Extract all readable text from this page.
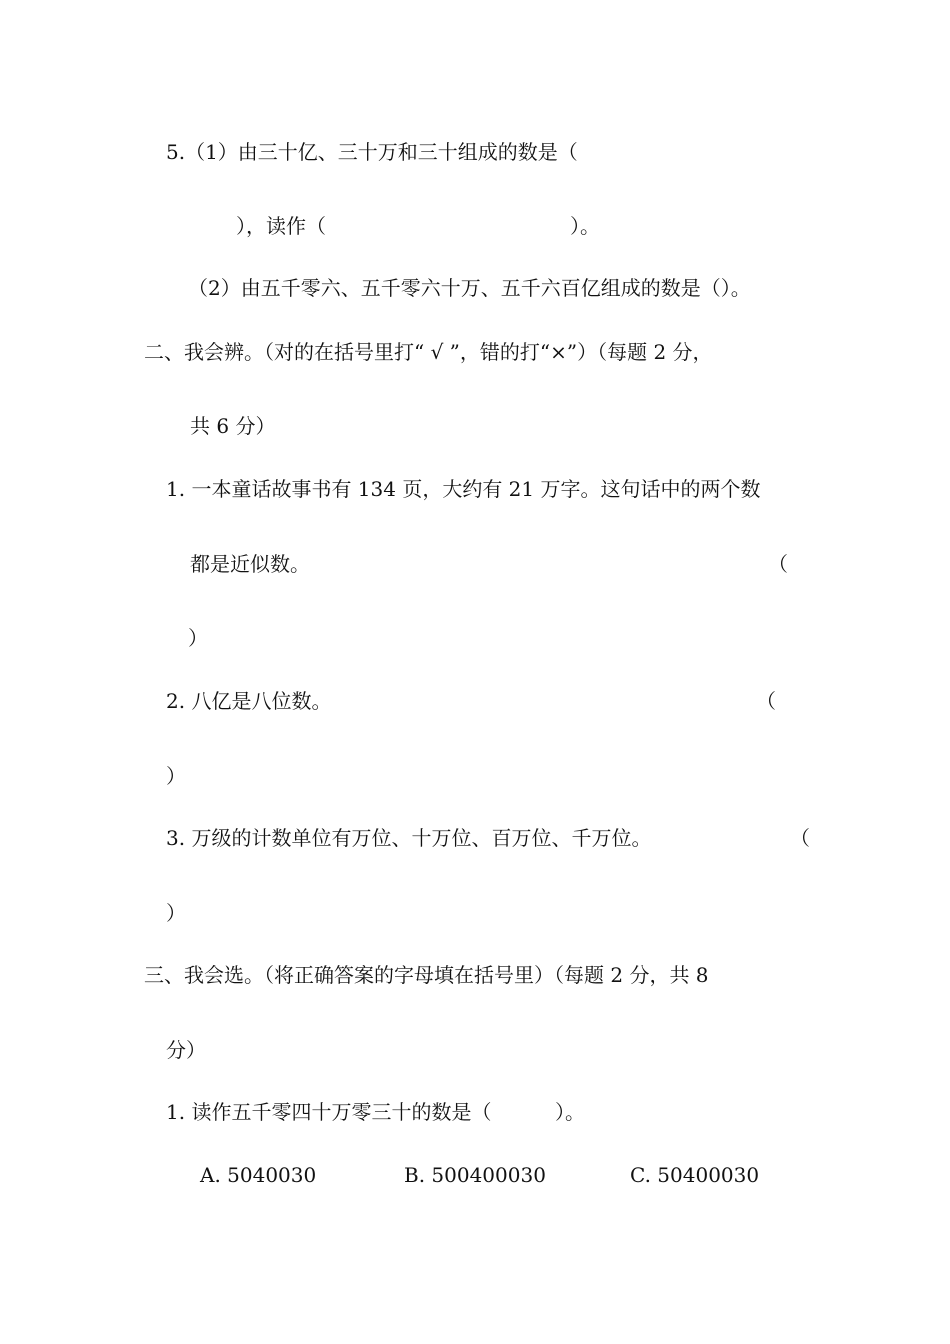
5.（1）由三十亿、三十万和三十组成的数是（
），读作（	）。
（2）由五千零六、五千零六十万、五千六百亿组成的数是（）。
二、我会辨。（对的在括号里打“ √ ”，错的打“×”）（每题 2 分，
共 6 分）
1. 一本童话故事书有 134 页，大约有 21 万字。这句话中的两个数
都是近似数。	（
）
2. 八亿是八位数。	（
）
3. 万级的计数单位有万位、十万位、百万位、千万位。	（
）
三、我会选。（将正确答案的字母填在括号里）（每题 2 分，共 8
分）
1. 读作五千零四十万零三十的数是（          ）。
A. 5040030	B. 500400030	C. 50400030
